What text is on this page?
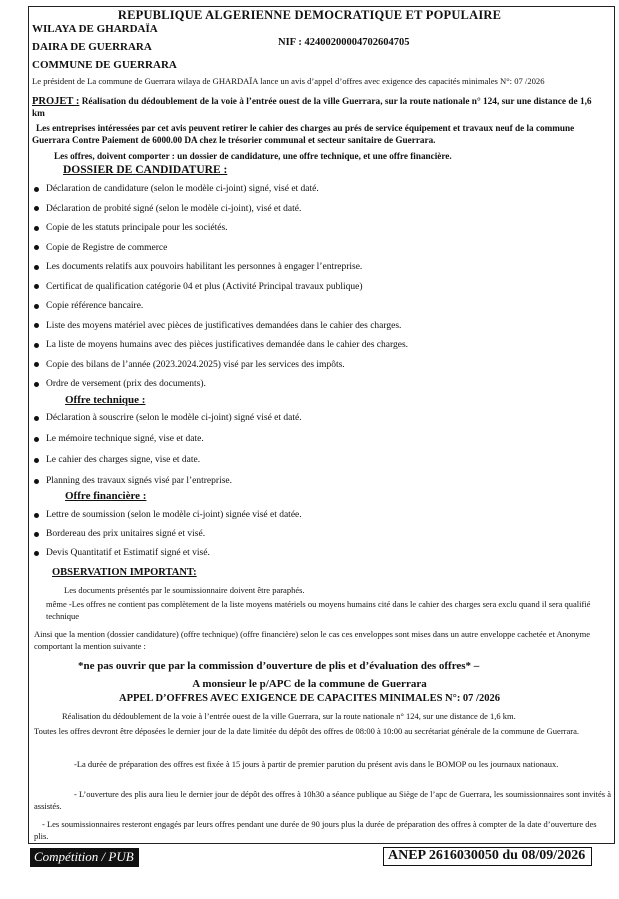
REPUBLIQUE ALGERIENNE DEMOCRATIQUE ET POPULAIRE
WILAYA DE GHARDAÏA
DAIRA DE GUERRARA
COMMUNE DE GUERRARA
NIF : 42400200004702604705
Le président de La commune de Guerrara wilaya de GHARDAÏA lance un avis d’appel d’offres avec exigence des capacités minimales N°: 07 /2026
PROJET : Réalisation du dédoublement de la voie à l’entrée ouest de la ville Guerrara, sur la route nationale n° 124, sur une distance de 1,6 km
Les entreprises intéressées par cet avis peuvent retirer le cahier des charges au prés de service équipement et travaux neuf de la commune Guerrara Contre Paiement de 6000.00 DA chez le trésorier communal et secteur sanitaire de Guerrara.
Les offres, doivent comporter : un dossier de candidature, une offre technique, et une offre financière.
DOSSIER DE CANDIDATURE :
Déclaration de candidature (selon le modèle ci-joint) signé, visé et daté.
Déclaration de probité signé (selon le modèle ci-joint), visé et daté.
Copie de les statuts principale pour les sociétés.
Copie de Registre de commerce
Les documents relatifs aux pouvoirs habilitant les personnes à engager l’entreprise.
Certificat de qualification catégorie 04 et plus (Activité Principal travaux publique)
Copie référence bancaire.
Liste des moyens matériel avec pièces de justificatives demandées dans le cahier des charges.
La liste de moyens humains avec des pièces justificatives demandée dans le cahier des charges.
Copie des bilans de l’année (2023.2024.2025) visé par les services des impôts.
Ordre de versement (prix des documents).
Offre technique :
Déclaration à souscrire (selon le modèle ci-joint) signé visé et daté.
Le mémoire technique signé, vise et date.
Le cahier des charges signe, vise et date.
Planning des travaux signés visé par l’entreprise.
Offre financière :
Lettre de soumission (selon le modèle ci-joint) signée visé et datée.
Bordereau des prix unitaires signé et visé.
Devis Quantitatif et Estimatif signé et visé.
OBSERVATION IMPORTANT:
Les documents présentés par le soumissionnaire doivent être paraphés.
même -Les offres ne contient pas complètement de la liste moyens matériels ou moyens humains cité dans le cahier des charges sera exclu quand il sera qualifié technique
Ainsi que la mention (dossier candidature) (offre technique) (offre financière) selon le cas ces enveloppes sont mises dans un autre enveloppe cachetée et Anonyme comportant la mention suivante :
*ne pas ouvrir que par la commission d’ouverture de plis et d’évaluation des offres* –
A monsieur le p/APC de la commune de Guerrara
APPEL D’OFFRES AVEC EXIGENCE DE CAPACITES MINIMALES N°: 07 /2026
Réalisation du dédoublement de la voie à l’entrée ouest de la ville Guerrara, sur la route nationale n° 124, sur une distance de 1,6 km.
Toutes les offres devront être déposées le dernier jour de la date limitée du dépôt des offres de 08:00 à 10:00 au secrétariat générale de la commune de Guerrara.
-La durée de préparation des offres est fixée à 15 jours à partir de premier parution du présent avis dans le BOMOP ou les journaux nationaux.
- L’ouverture des plis aura lieu le dernier jour de dépôt des offres à 10h30 a séance publique au Siège de l’apc de Guerrara, les soumissionnaires sont invités à assistés.
- Les soumissionnaires resteront engagés par leurs offres pendant une durée de 90 jours plus la durée de préparation des offres à compter de la date d’ouverture des plis.
Compétition / PUB	ANEP 2616030050 du 08/09/2026
